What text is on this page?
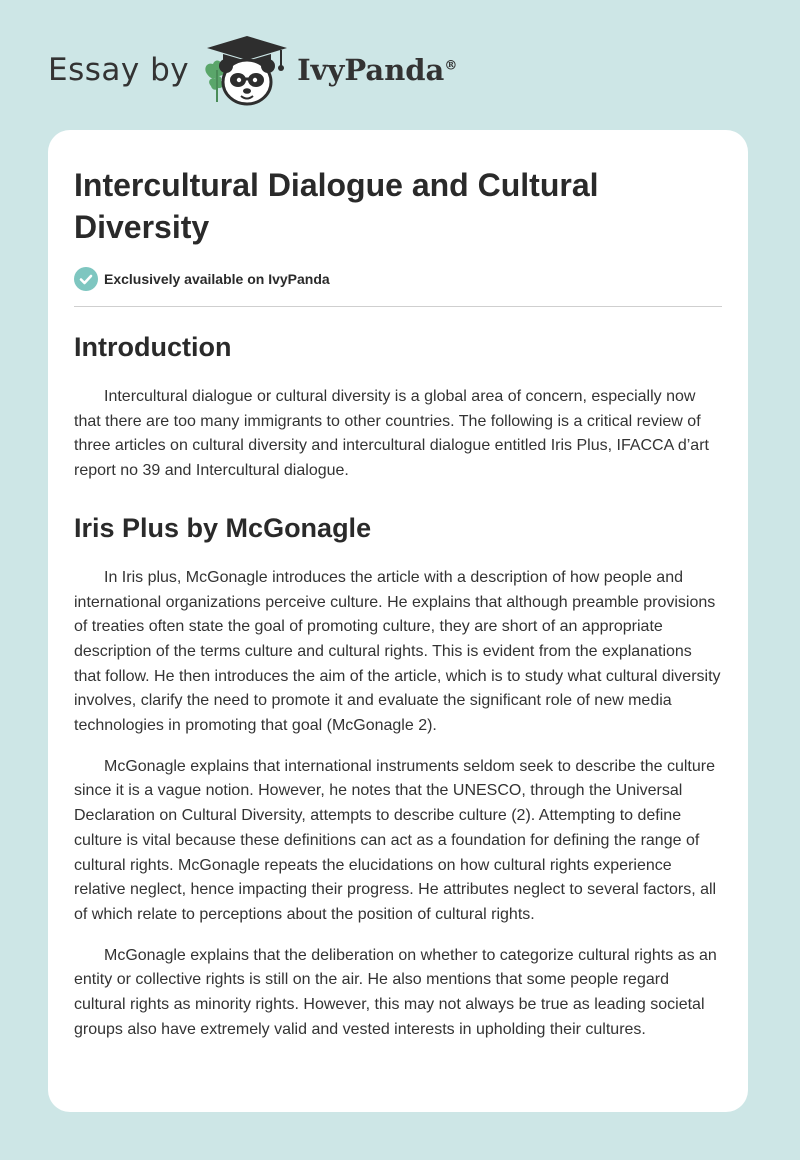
Essay by	IvyPanda®
Intercultural Dialogue and Cultural Diversity
Exclusively available on IvyPanda
Introduction

Intercultural dialogue or cultural diversity is a global area of concern, especially now that there are too many immigrants to other countries. The following is a critical review of three articles on cultural diversity and intercultural dialogue entitled Iris Plus, IFACCA d’art report no 39 and Intercultural dialogue.

Iris Plus by McGonagle

In Iris plus, McGonagle introduces the article with a description of how people and international organizations perceive culture. He explains that although preamble provisions of treaties often state the goal of promoting culture, they are short of an appropriate description of the terms culture and cultural rights. This is evident from the explanations that follow. He then introduces the aim of the article, which is to study what cultural diversity involves, clarify the need to promote it and evaluate the significant role of new media technologies in promoting that goal (McGonagle 2).

McGonagle explains that international instruments seldom seek to describe the culture since it is a vague notion. However, he notes that the UNESCO, through the Universal Declaration on Cultural Diversity, attempts to describe culture (2). Attempting to define culture is vital because these definitions can act as a foundation for defining the range of cultural rights. McGonagle repeats the elucidations on how cultural rights experience relative neglect, hence impacting their progress. He attributes neglect to several factors, all of which relate to perceptions about the position of cultural rights.

McGonagle explains that the deliberation on whether to categorize cultural rights as an entity or collective rights is still on the air. He also mentions that some people regard cultural rights as minority rights. However, this may not always be true as leading societal groups also have extremely valid and vested interests in upholding their cultures.
